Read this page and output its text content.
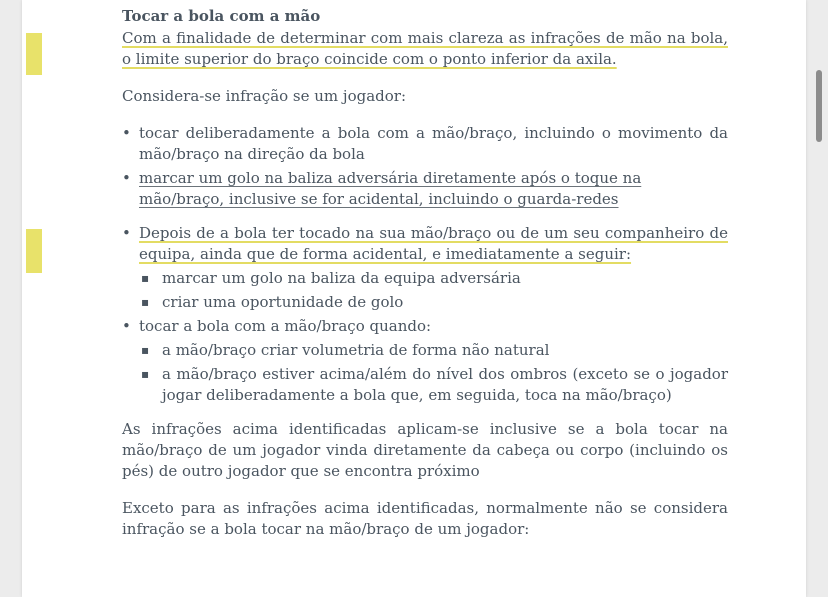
Tocar a bola com a mão

Com a finalidade de determinar com mais clareza as infrações de mão na bola, o limite superior do braço coincide com o ponto inferior da axila.

Considera-se infração se um jogador:

• tocar deliberadamente a bola com a mão/braço, incluindo o movimento da mão/braço na direção da bola
• marcar um golo na baliza adversária diretamente após o toque na mão/braço, inclusive se for acidental, incluindo o guarda-redes
• Depois de a bola ter tocado na sua mão/braço ou de um seu companheiro de equipa, ainda que de forma acidental, e imediatamente a seguir:
▪ marcar um golo na baliza da equipa adversária
▪ criar uma oportunidade de golo
• tocar a bola com a mão/braço quando:
▪ a mão/braço criar volumetria de forma não natural
▪ a mão/braço estiver acima/além do nível dos ombros (exceto se o jogador jogar deliberadamente a bola que, em seguida, toca na mão/braço)

As infrações acima identificadas aplicam-se inclusive se a bola tocar na mão/braço de um jogador vinda diretamente da cabeça ou corpo (incluindo os pés) de outro jogador que se encontra próximo

Exceto para as infrações acima identificadas, normalmente não se considera infração se a bola tocar na mão/braço de um jogador:
